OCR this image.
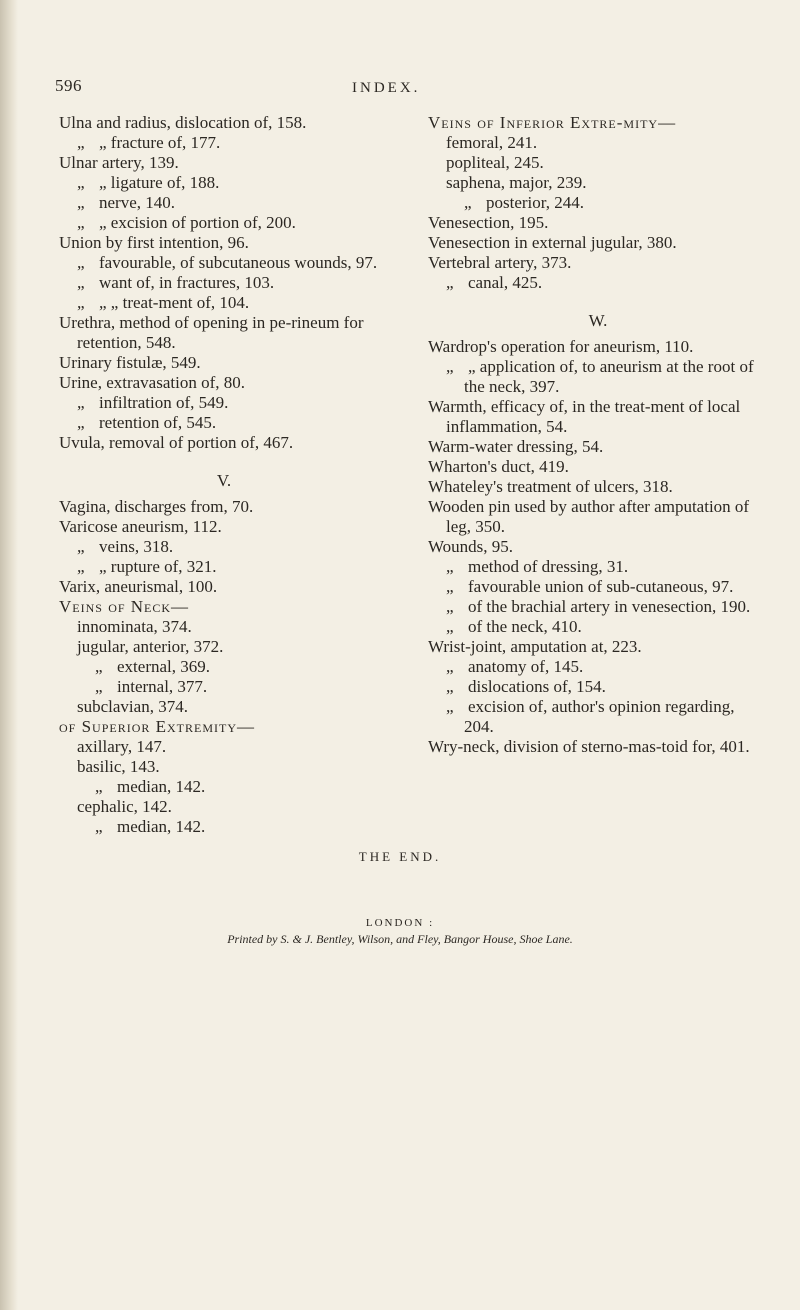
596	INDEX.
Ulna and radius, dislocation of, 158.
„ „ fracture of, 177.
Ulnar artery, 139.
„ „ ligature of, 188.
„ nerve, 140.
„ „ excision of portion of, 200.
Union by first intention, 96.
„ favourable, of subcutaneous wounds, 97.
„ want of, in fractures, 103.
„ „ „ treat-ment of, 104.
Urethra, method of opening in pe-rineum for retention, 548.
Urinary fistulæ, 549.
Urine, extravasation of, 80.
„ infiltration of, 549.
„ retention of, 545.
Uvula, removal of portion of, 467.
V.
Vagina, discharges from, 70.
Varicose aneurism, 112.
„ veins, 318.
„ „ rupture of, 321.
Varix, aneurismal, 100.
Veins of Neck—
innominata, 374.
jugular, anterior, 372.
„ external, 369.
„ internal, 377.
subclavian, 374.
of Superior Extremity—
axillary, 147.
basilic, 143.
„ median, 142.
cephalic, 142.
„ median, 142.
Veins of Inferior Extre-mity—
femoral, 241.
popliteal, 245.
saphena, major, 239.
„ posterior, 244.
Venesection, 195.
Venesection in external jugular, 380.
Vertebral artery, 373.
„ canal, 425.
W.
Wardrop's operation for aneurism, 110.
„ „ application of, to aneurism at the root of the neck, 397.
Warmth, efficacy of, in the treat-ment of local inflammation, 54.
Warm-water dressing, 54.
Wharton's duct, 419.
Whateley's treatment of ulcers, 318.
Wooden pin used by author after amputation of leg, 350.
Wounds, 95.
„ method of dressing, 31.
„ favourable union of sub-cutaneous, 97.
„ of the brachial artery in venesection, 190.
„ of the neck, 410.
Wrist-joint, amputation at, 223.
„ anatomy of, 145.
„ dislocations of, 154.
„ excision of, author's opinion regarding, 204.
Wry-neck, division of sterno-mas-toid for, 401.
THE END.
LONDON :
Printed by S. & J. Bentley, Wilson, and Fley, Bangor House, Shoe Lane.
